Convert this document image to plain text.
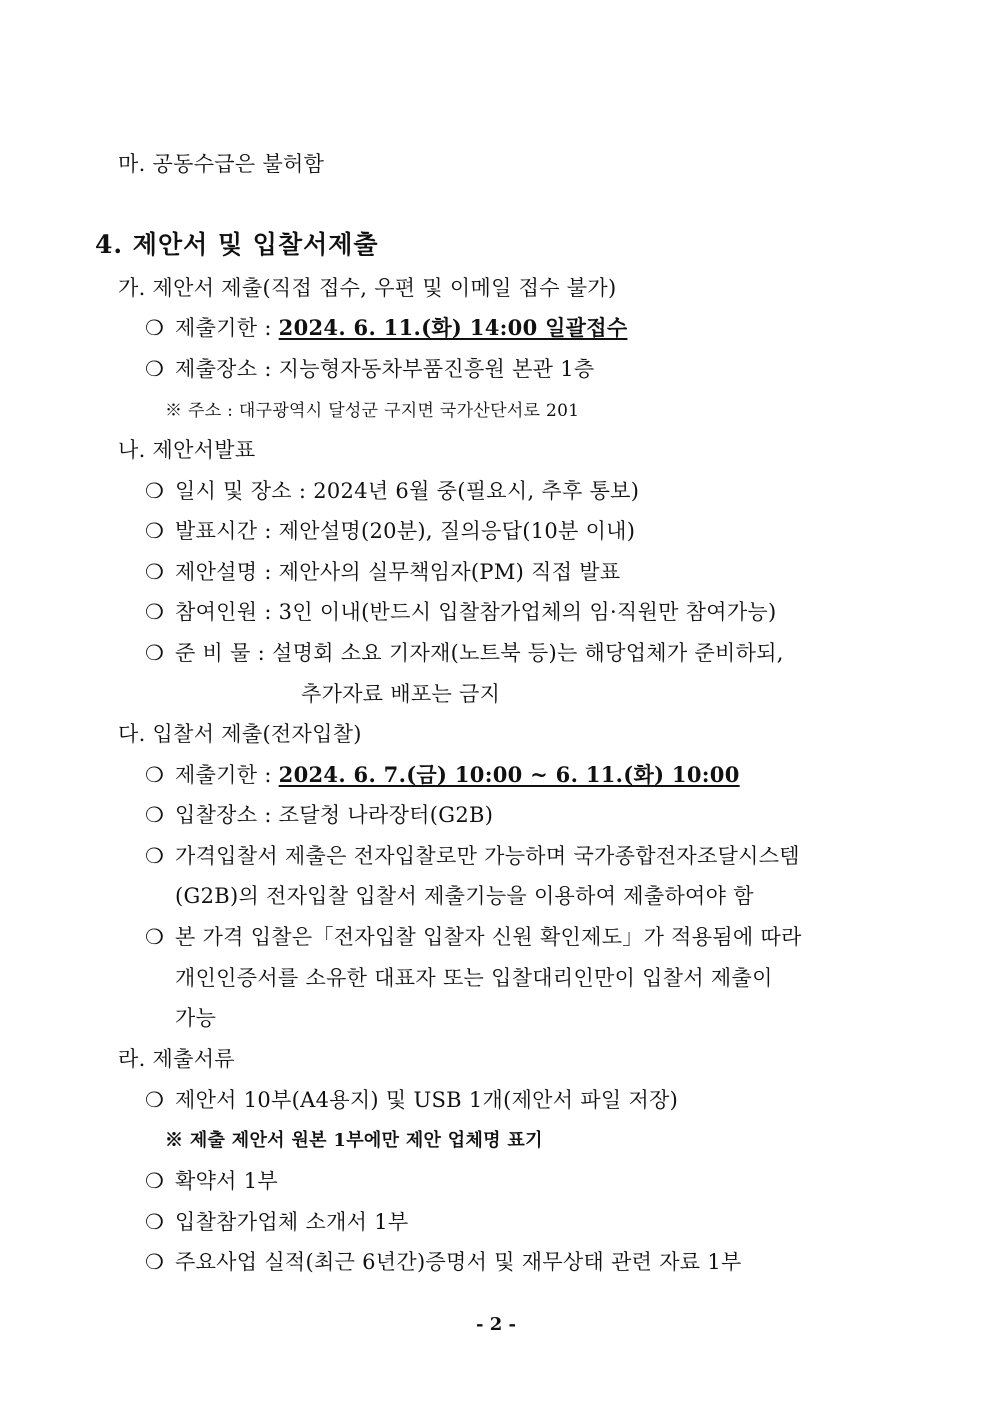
마. 공동수급은 불허함
4. 제안서 및 입찰서제출
가. 제안서 제출(직접 접수, 우편 및 이메일 접수 불가)
❍ 제출기한 : 2024. 6. 11.(화) 14:00 일괄접수
❍ 제출장소 : 지능형자동차부품진흥원 본관 1층
※ 주소 : 대구광역시 달성군 구지면 국가산단서로 201
나. 제안서발표
❍ 일시 및 장소 : 2024년 6월 중(필요시, 추후 통보)
❍ 발표시간 : 제안설명(20분), 질의응답(10분 이내)
❍ 제안설명 : 제안사의 실무책임자(PM) 직접 발표
❍ 참여인원 : 3인 이내(반드시 입찰참가업체의 임·직원만 참여가능)
❍ 준 비 물 : 설명회 소요 기자재(노트북 등)는 해당업체가 준비하되,
추가자료 배포는 금지
다. 입찰서 제출(전자입찰)
❍ 제출기한 : 2024. 6. 7.(금) 10:00 ~ 6. 11.(화) 10:00
❍ 입찰장소 : 조달청 나라장터(G2B)
❍ 가격입찰서 제출은 전자입찰로만 가능하며 국가종합전자조달시스템
(G2B)의 전자입찰 입찰서 제출기능을 이용하여 제출하여야 함
❍ 본 가격 입찰은「전자입찰 입찰자 신원 확인제도」가 적용됨에 따라
개인인증서를 소유한 대표자 또는 입찰대리인만이 입찰서 제출이
가능
라. 제출서류
❍ 제안서 10부(A4용지) 및 USB 1개(제안서 파일 저장)
※ 제출 제안서 원본 1부에만 제안 업체명 표기
❍ 확약서 1부
❍ 입찰참가업체 소개서 1부
❍ 주요사업 실적(최근 6년간)증명서 및 재무상태 관련 자료 1부
- 2 -
